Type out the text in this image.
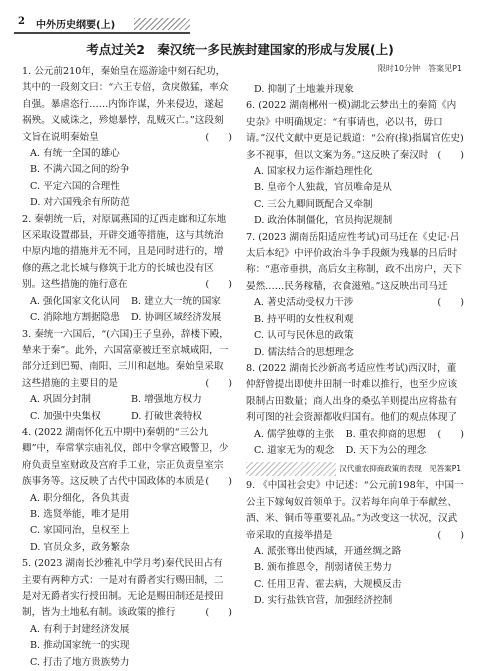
2 中外历史纲要(上)
考点过关2　秦汉统一多民族封建国家的形成与发展(上)
限时10分钟　答案见P1

1. 公元前210年，秦始皇在巡游途中刻石纪功，其中的一段刻文曰：“六王专倍，贪戾傲猛，率众自强。暴虐恣行……内饰诈谋，外来侵边，遂起祸殃。义威诛之，殄熄暴悖，乱贼灭亡。”这段刻文旨在说明秦始皇	(　　)

A. 有统一全国的雄心

B. 不满六国之间的纷争

C. 平定六国的合理性

D. 对六国残余有所防范

2. 秦朝统一后，对原属燕国的辽西走廊和辽东地区采取设置郡县，开辟交通等措施，这与其统治中原内地的措施并无不同，且是同时进行的，增修的燕之北长城与修筑于北方的长城也没有区别。这些措施的施行意在	(　　)

A. 强化国家文化认同	B. 建立大一统的国家
C. 消除地方割据隐患	D. 协调区域经济发展

3. 秦统一六国后，“(六国)王子皇孙，辞楼下殿，辇来于秦”。此外，六国富豪被迁至京城咸阳，一部分迁到巴蜀、南阳、三川和赵地。秦始皇采取这些措施的主要目的是	(　　)

A. 巩固分封制	B. 增强地方权力
C. 加强中央集权	D. 打破世袭特权

4. (2022 湖南怀化五中期中)秦朝的“三公九卿”中，奉常掌宗庙礼仪，郎中令掌宫殿警卫，少府负责皇室财政及宫府手工业，宗正负责皇室宗族事务等。这反映了古代中国政体的本质是 (　　)

A. 职分细化，各负其责

B. 选贤举能，唯才是用

C. 家国同治，皇权至上

D. 官员众多，政务繁杂

5. (2023 湖南长沙雅礼中学月考)秦代民田占有主要有两种方式：一是对有爵者实行赐田制，二是对无爵者实行授田制。无论是赐田制还是授田制，皆为土地私有制。该政策的推行	(　　)

A. 有利于封建经济发展

B. 推动国家统一的实现

C. 打击了地方贵族势力

D. 抑制了土地兼并现象

6. (2022 湖南郴州一模)湖北云梦出土的秦简《内史杂》中明确规定：“有事请也，必以书，毋口请。”汉代文献中更是记载道：“公府(掾)指属官佐史)多不视事，但以文案为务。”这反映了秦汉时 (　　)

A. 国家权力运作渐趋理性化

B. 皇帝个人独裁，官员唯命是从

C. 三公九卿间既配合又牵制

D. 政治体制僵化，官员拘泥规制

7. (2023 湖南岳阳适应性考试)司马迁在《史记·吕太后本纪》中评价政治斗争手段颇为残暴的吕后时称：“惠帝垂拱，高后女主称制，政不出房户，天下晏然……民务稼穑，衣食滋殖。”这反映出司马迁
(　　)

A. 著史活动受权力干涉

B. 持平明的女性权利观

C. 认可与民休息的政策

D. 儒法结合的思想理念

8. (2022 湖南长沙新高考适应性考试)西汉时，董仲舒曾提出即使井田制一时难以推行，也至少应该限制占田数量；商人出身的桑弘羊则提出应将盐有利可图的社会资源都收归国有。他们的观点体现了
(　　)

A. 儒学独尊的主张	B. 重农抑商的思想
C. 道家无为的观念	D. 天下为公的理念
汉代重农抑商政策的表现　见答案P1

9. 《中国社会史》中记述：“公元前198年，中国一公主下嫁匈奴首领单于。汉若每年向单于奉献丝、酒、米、铜币等重要礼品。”为改变这一状况，汉武帝采取的直接举措是	(　　)

A. 派张骞出使西域，开通丝绸之路

B. 颁布推恩令，削弱诸侯王势力

C. 任用卫青、霍去病，大规模反击

D. 实行盐铁官营，加强经济控制
